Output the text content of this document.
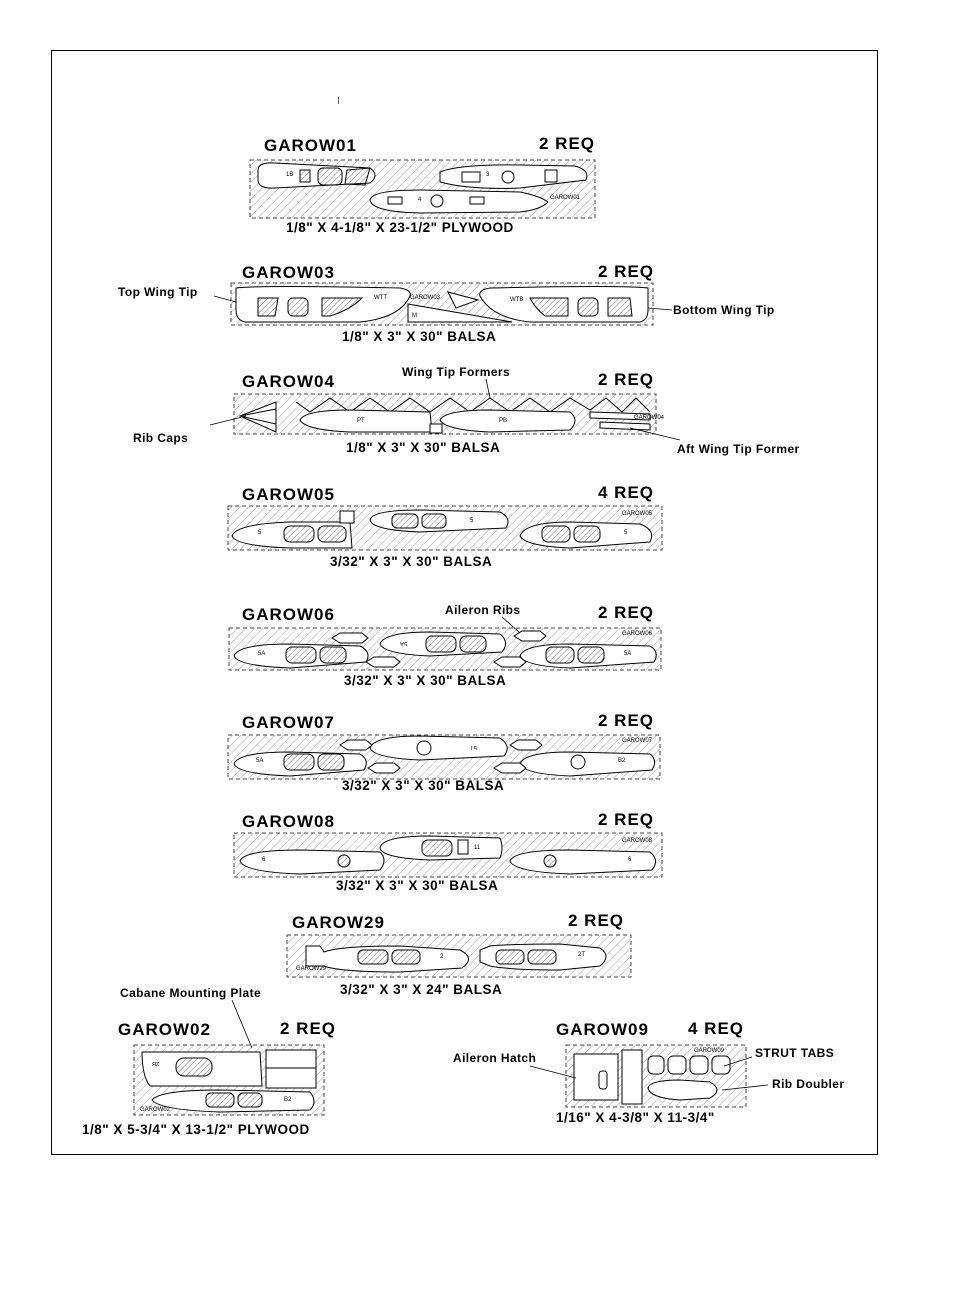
GAROW01
GAROW03
GAROW04
GAROW05
GAROW06
GAROW07
GAROW08
GAROW29
GAROW02
GAROW09
1B	3
4
WTT	WTB
M
PT	PB
5
5
5
5A
5A
5A
5A
5T
B2
6
11
6
2	2T
2B
B2
GAROW01	2 REQ
1/8" X 4-1/8" X 23-1/2" PLYWOOD
GAROW03	2 REQ
1/8" X 3" X 30" BALSA
GAROW04	2 REQ
1/8" X 3" X 30" BALSA
GAROW05	4 REQ
3/32" X 3" X 30" BALSA
GAROW06	2 REQ
3/32" X 3" X 30" BALSA
GAROW07	2 REQ
3/32" X 3" X 30" BALSA
GAROW08	2 REQ
3/32" X 3" X 30" BALSA
GAROW29	2 REQ
3/32" X 3" X 24" BALSA
GAROW02	2 REQ
1/8" X 5-3/4" X 13-1/2" PLYWOOD
GAROW09 4 REQ
1/16" X 4-3/8" X 11-3/4"
Top Wing Tip
Bottom Wing Tip
Wing Tip Formers
Rib Caps
Aft Wing Tip Former
Aileron Ribs
Cabane Mounting Plate
Aileron Hatch	STRUT TABS
Rib Doubler
